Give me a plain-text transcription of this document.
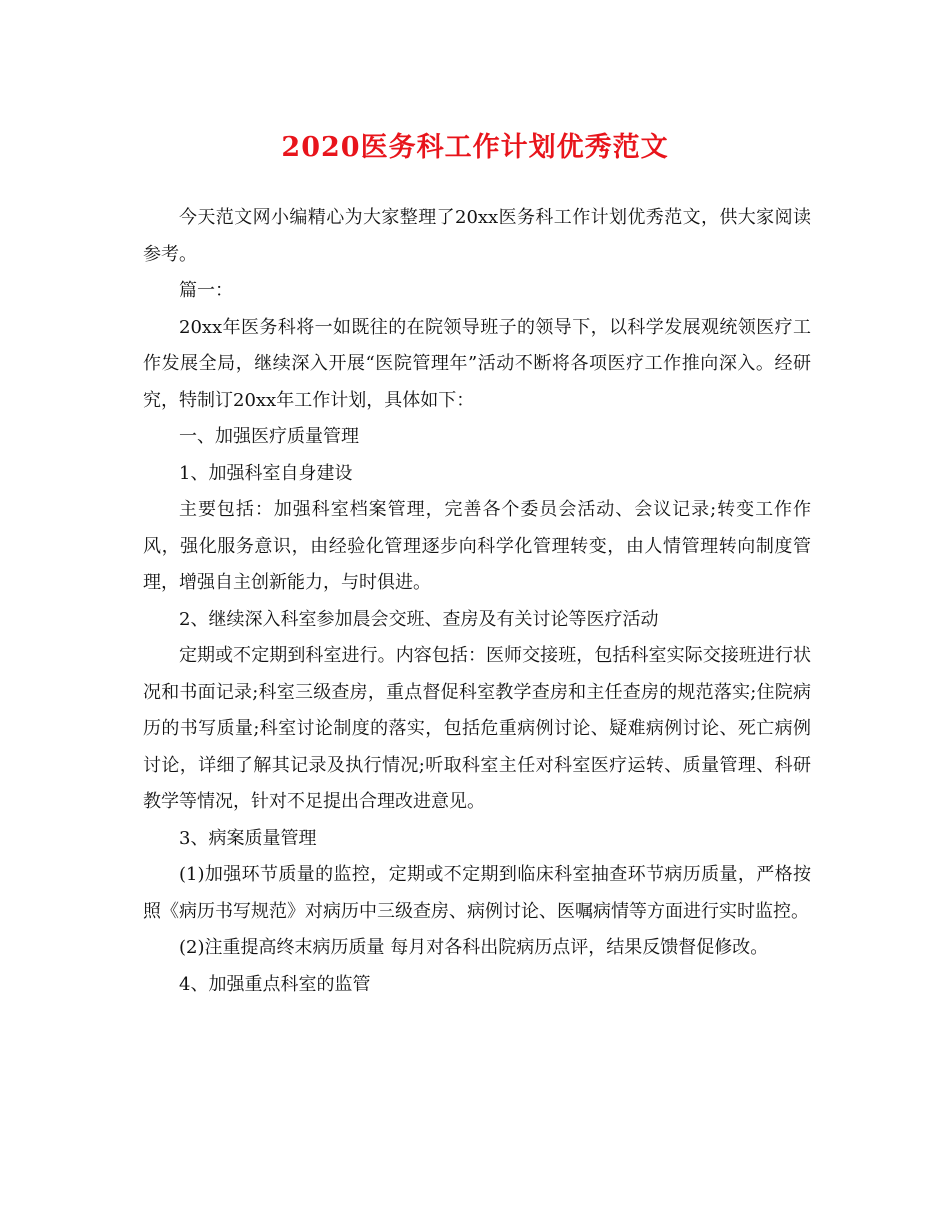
2020医务科工作计划优秀范文

今天范文网小编精心为大家整理了20xx医务科工作计划优秀范文，供大家阅读参考。

篇一：

20xx年医务科将一如既往的在院领导班子的领导下，以科学发展观统领医疗工作发展全局，继续深入开展“医院管理年”活动不断将各项医疗工作推向深入。经研究，特制订20xx年工作计划，具体如下：

一、加强医疗质量管理

1、加强科室自身建设

主要包括：加强科室档案管理，完善各个委员会活动、会议记录;转变工作作风，强化服务意识，由经验化管理逐步向科学化管理转变，由人情管理转向制度管理，增强自主创新能力，与时俱进。

2、继续深入科室参加晨会交班、查房及有关讨论等医疗活动

定期或不定期到科室进行。内容包括：医师交接班，包括科室实际交接班进行状况和书面记录;科室三级查房，重点督促科室教学查房和主任查房的规范落实;住院病历的书写质量;科室讨论制度的落实，包括危重病例讨论、疑难病例讨论、死亡病例讨论，详细了解其记录及执行情况;听取科室主任对科室医疗运转、质量管理、科研教学等情况，针对不足提出合理改进意见。

3、病案质量管理

(1)加强环节质量的监控，定期或不定期到临床科室抽查环节病历质量，严格按照《病历书写规范》对病历中三级查房、病例讨论、医嘱病情等方面进行实时监控。

(2)注重提高终末病历质量 每月对各科出院病历点评，结果反馈督促修改。

4、加强重点科室的监管
